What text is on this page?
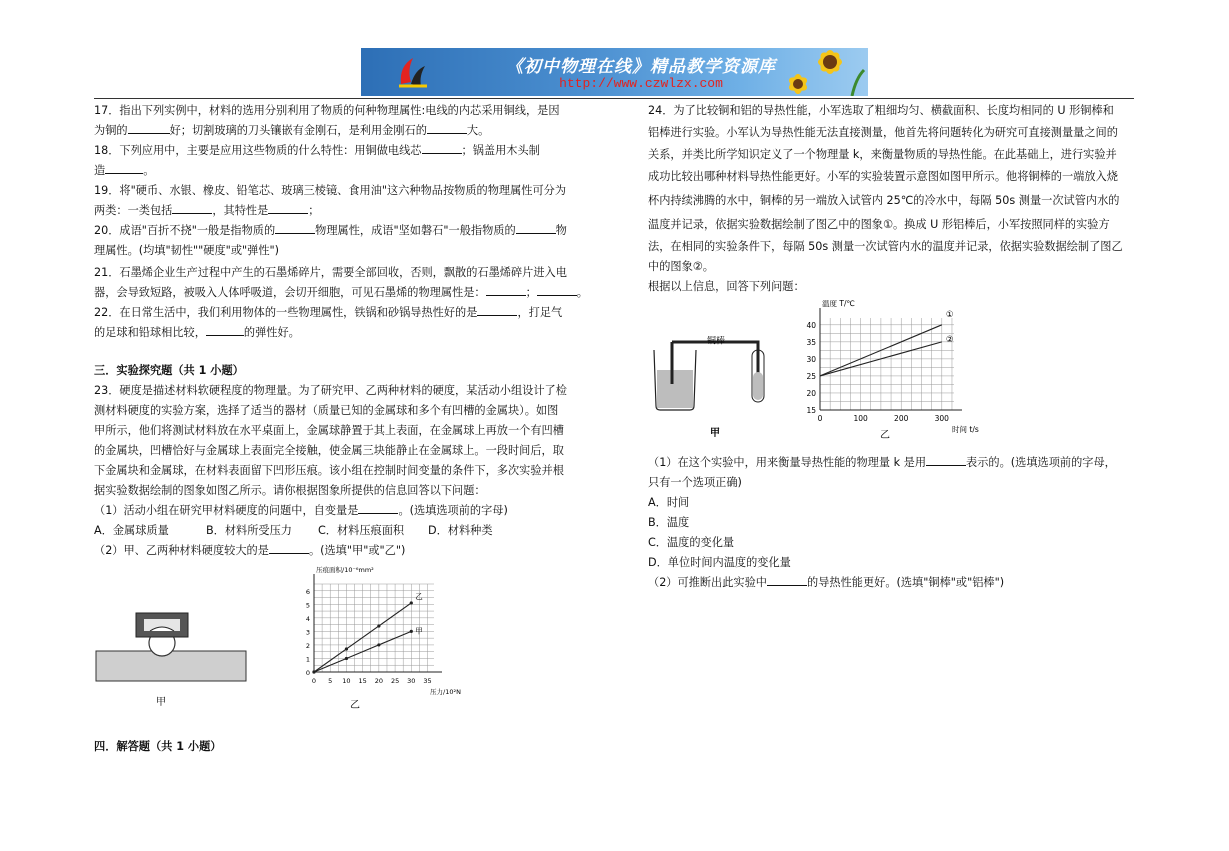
《初中物理在线》精品教学资源库
http://www.czwlzx.com
17．指出下列实例中，材料的选用分别利用了物质的何种物理属性:电线的内芯采用铜线，是因
为铜的	好；切割玻璃的刀头镶嵌有金刚石，是利用金刚石的	大。
18．下列应用中，主要是应用这些物质的什么特性：用铜做电线芯	；锅盖用木头制
造	。
19．将"硬币、水银、橡皮、铅笔芯、玻璃三棱镜、食用油"这六种物品按物质的物理属性可分为
两类：一类包括	，其特性是	；
20．成语"百折不挠"一般是指物质的	物理属性，成语"坚如磐石"一般指物质的	物
理属性。(均填"韧性""硬度"或"弹性")
21．石墨烯企业生产过程中产生的石墨烯碎片，需要全部回收，否则，飘散的石墨烯碎片进入电
器，会导致短路，被吸入人体呼吸道，会切开细胞，可见石墨烯的物理属性是：	；	。
22．在日常生活中，我们利用物体的一些物理属性，铁锅和砂锅导热性好的是	，打足气
的足球和铅球相比较，	的弹性好。
三．实验探究题（共 1 小题）
23．硬度是描述材料软硬程度的物理量。为了研究甲、乙两种材料的硬度，某活动小组设计了检
测材料硬度的实验方案，选择了适当的器材（质量已知的金属球和多个有凹槽的金属块）。如图
甲所示，他们将测试材料放在水平桌面上，金属球静置于其上表面，在金属球上再放一个有凹槽
的金属块，凹槽恰好与金属球上表面完全接触，使金属三块能静止在金属球上。一段时间后，取
下金属块和金属球，在材料表面留下凹形压痕。该小组在控制时间变量的条件下，多次实验并根
据实验数据绘制的图象如图乙所示。请你根据图象所提供的信息回答以下问题：
（1）活动小组在研究甲材料硬度的问题中，自变量是	。(选填选项前的字母)
A．金属球质量	B．材料所受压力 C．材料压痕面积 D．材料种类
（2）甲、乙两种材料硬度较大的是	。(选填"甲"或"乙")
四．解答题（共 1 小题）
甲
0 5 10 15 20 25 30 35
0
1
2
3
4
5
6
压力/10²N
压痕面积/10⁻⁶mm²
乙
甲
乙
24．为了比较铜和铝的导热性能，小军选取了粗细均匀、横截面积、长度均相同的 U 形铜棒和
铝棒进行实验。小军认为导热性能无法直接测量，他首先将问题转化为研究可直接测量量之间的
关系，并类比所学知识定义了一个物理量 k，来衡量物质的导热性能。在此基础上，进行实验并
成功比较出哪种材料导热性能更好。小军的实验装置示意图如图甲所示。他将铜棒的一端放入烧
杯内持续沸腾的水中，铜棒的另一端放入试管内 25℃的冷水中，每隔 50s 测量一次试管内水的
温度并记录，依据实验数据绘制了图乙中的图象①。换成 U 形铝棒后，小军按照同样的实验方
法，在相同的实验条件下，每隔 50s 测量一次试管内水的温度并记录，依据实验数据绘制了图乙
中的图象②。
根据以上信息，回答下列问题：
（1）在这个实验中，用来衡量导热性能的物理量 k 是用	表示的。(选填选项前的字母，
只有一个选项正确)
A．时间
B．温度
C．温度的变化量
D．单位时间内温度的变化量
（2）可推断出此实验中	的导热性能更好。(选填"铜棒"或"铝棒")
铜棒
甲
0	100	200	300
15
20
25
30
35
40
时间 t/s
温度 T/℃
①
②
乙
